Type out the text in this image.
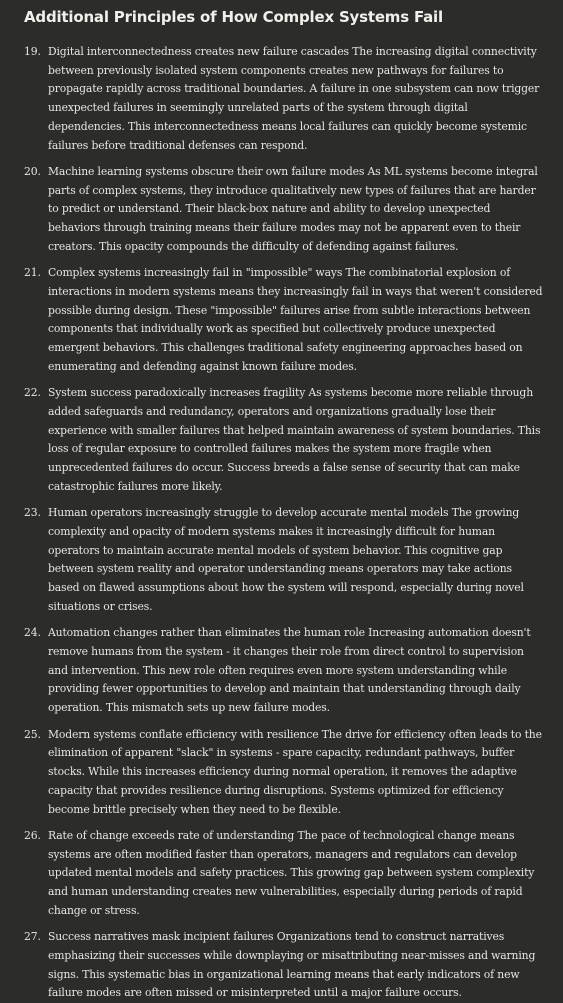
Additional Principles of How Complex Systems Fail
19. Digital interconnectedness creates new failure cascades The increasing digital connectivity between previously isolated system components creates new pathways for failures to propagate rapidly across traditional boundaries. A failure in one subsystem can now trigger unexpected failures in seemingly unrelated parts of the system through digital dependencies. This interconnectedness means local failures can quickly become systemic failures before traditional defenses can respond.
20. Machine learning systems obscure their own failure modes As ML systems become integral parts of complex systems, they introduce qualitatively new types of failures that are harder to predict or understand. Their black-box nature and ability to develop unexpected behaviors through training means their failure modes may not be apparent even to their creators. This opacity compounds the difficulty of defending against failures.
21. Complex systems increasingly fail in "impossible" ways The combinatorial explosion of interactions in modern systems means they increasingly fail in ways that weren't considered possible during design. These "impossible" failures arise from subtle interactions between components that individually work as specified but collectively produce unexpected emergent behaviors. This challenges traditional safety engineering approaches based on enumerating and defending against known failure modes.
22. System success paradoxically increases fragility As systems become more reliable through added safeguards and redundancy, operators and organizations gradually lose their experience with smaller failures that helped maintain awareness of system boundaries. This loss of regular exposure to controlled failures makes the system more fragile when unprecedented failures do occur. Success breeds a false sense of security that can make catastrophic failures more likely.
23. Human operators increasingly struggle to develop accurate mental models The growing complexity and opacity of modern systems makes it increasingly difficult for human operators to maintain accurate mental models of system behavior. This cognitive gap between system reality and operator understanding means operators may take actions based on flawed assumptions about how the system will respond, especially during novel situations or crises.
24. Automation changes rather than eliminates the human role Increasing automation doesn't remove humans from the system - it changes their role from direct control to supervision and intervention. This new role often requires even more system understanding while providing fewer opportunities to develop and maintain that understanding through daily operation. This mismatch sets up new failure modes.
25. Modern systems conflate efficiency with resilience The drive for efficiency often leads to the elimination of apparent "slack" in systems - spare capacity, redundant pathways, buffer stocks. While this increases efficiency during normal operation, it removes the adaptive capacity that provides resilience during disruptions. Systems optimized for efficiency become brittle precisely when they need to be flexible.
26. Rate of change exceeds rate of understanding The pace of technological change means systems are often modified faster than operators, managers and regulators can develop updated mental models and safety practices. This growing gap between system complexity and human understanding creates new vulnerabilities, especially during periods of rapid change or stress.
27. Success narratives mask incipient failures Organizations tend to construct narratives emphasizing their successes while downplaying or misattributing near-misses and warning signs. This systematic bias in organizational learning means that early indicators of new failure modes are often missed or misinterpreted until a major failure occurs.
